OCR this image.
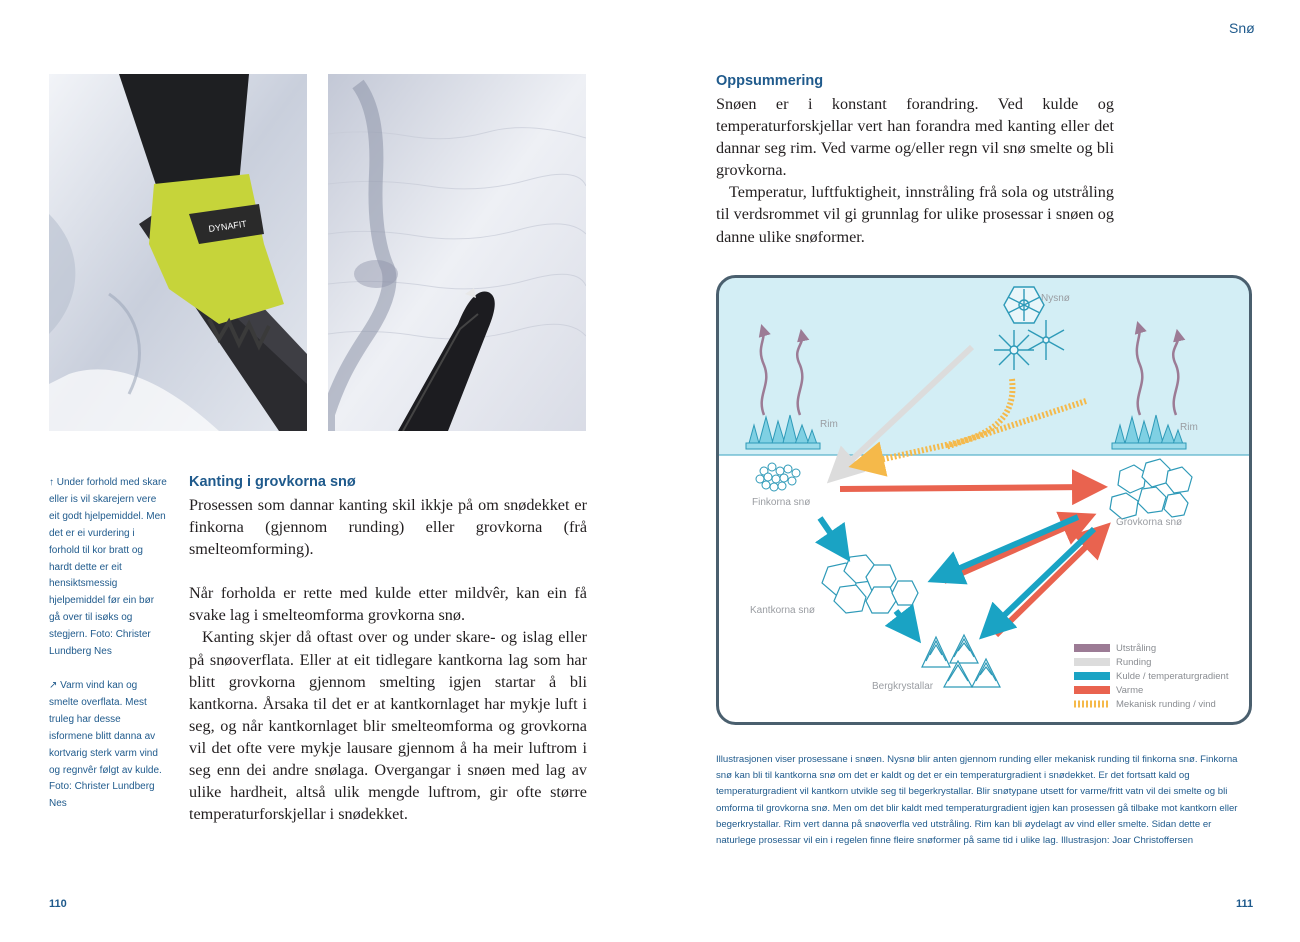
Snø
DYNAFIT

↑ Under forhold med skare eller is vil skarejern vere eit godt hjelpemiddel. Men det er ei vurdering i forhold til kor bratt og hardt dette er eit hensiktsmessig hjelpemiddel før ein bør gå over til isøks og stegjern. Foto: Christer Lundberg Nes

↗ Varm vind kan og smelte overflata. Mest truleg har desse isformene blitt danna av kortvarig sterk varm vind og regnvêr følgt av kulde. Foto: Christer Lundberg Nes

Kanting i grovkorna snø

Prosessen som dannar kanting skil ikkje på om snødekket er finkorna (gjennom runding) eller grovkorna (frå smelteomforming).

Når forholda er rette med kulde etter mildvêr, kan ein få svake lag i smelteomforma grovkorna snø.

Kanting skjer då oftast over og under skare- og islag eller på snøoverflata. Eller at eit tidlegare kantkorna lag som har blitt grovkorna gjennom smelting igjen startar å bli kantkorna. Årsaka til det er at kantkornlaget har mykje luft i seg, og når kantkornlaget blir smelteomforma og grovkorna vil det ofte vere mykje lausare gjennom å ha meir luftrom i seg enn dei andre snølaga. Overgangar i snøen med lag av ulike hardheit, altså ulik mengde luftrom, gir ofte større temperaturforskjellar i snødekket.

Oppsummering

Snøen er i konstant forandring. Ved kulde og temperaturforskjellar vert han forandra med kanting eller det dannar seg rim. Ved varme og/eller regn vil snø smelte og bli grovkorna.

Temperatur, luftfuktigheit, innstråling frå sola og utstråling til verdsrommet vil gi grunnlag for ulike prosessar i snøen og danne ulike snøformer.

Rim	Rim
Nysnø
Finkorna snø
Grovkorna snø
Kantkorna snø
Bergkrystallar
Utstråling
Runding
Kulde / temperaturgradient
Varme
Mekanisk runding / vind
Illustrasjonen viser prosessane i snøen. Nysnø blir anten gjennom runding eller mekanisk runding til finkorna snø. Finkorna snø kan bli til kantkorna snø om det er kaldt og det er ein temperaturgradient i snødekket. Er det fortsatt kald og temperaturgradient vil kantkorn utvikle seg til begerkrystallar. Blir snøtypane utsett for varme/fritt vatn vil dei smelte og bli omforma til grovkorna snø. Men om det blir kaldt med temperaturgradient igjen kan prosessen gå tilbake mot kantkorn eller begerkrystallar. Rim vert danna på snøoverfla ved utstråling. Rim kan bli øydelagt av vind eller smelte. Sidan dette er naturlege prosessar vil ein i regelen finne fleire snøformer på same tid i ulike lag. Illustrasjon: Joar Christoffersen
110	111
